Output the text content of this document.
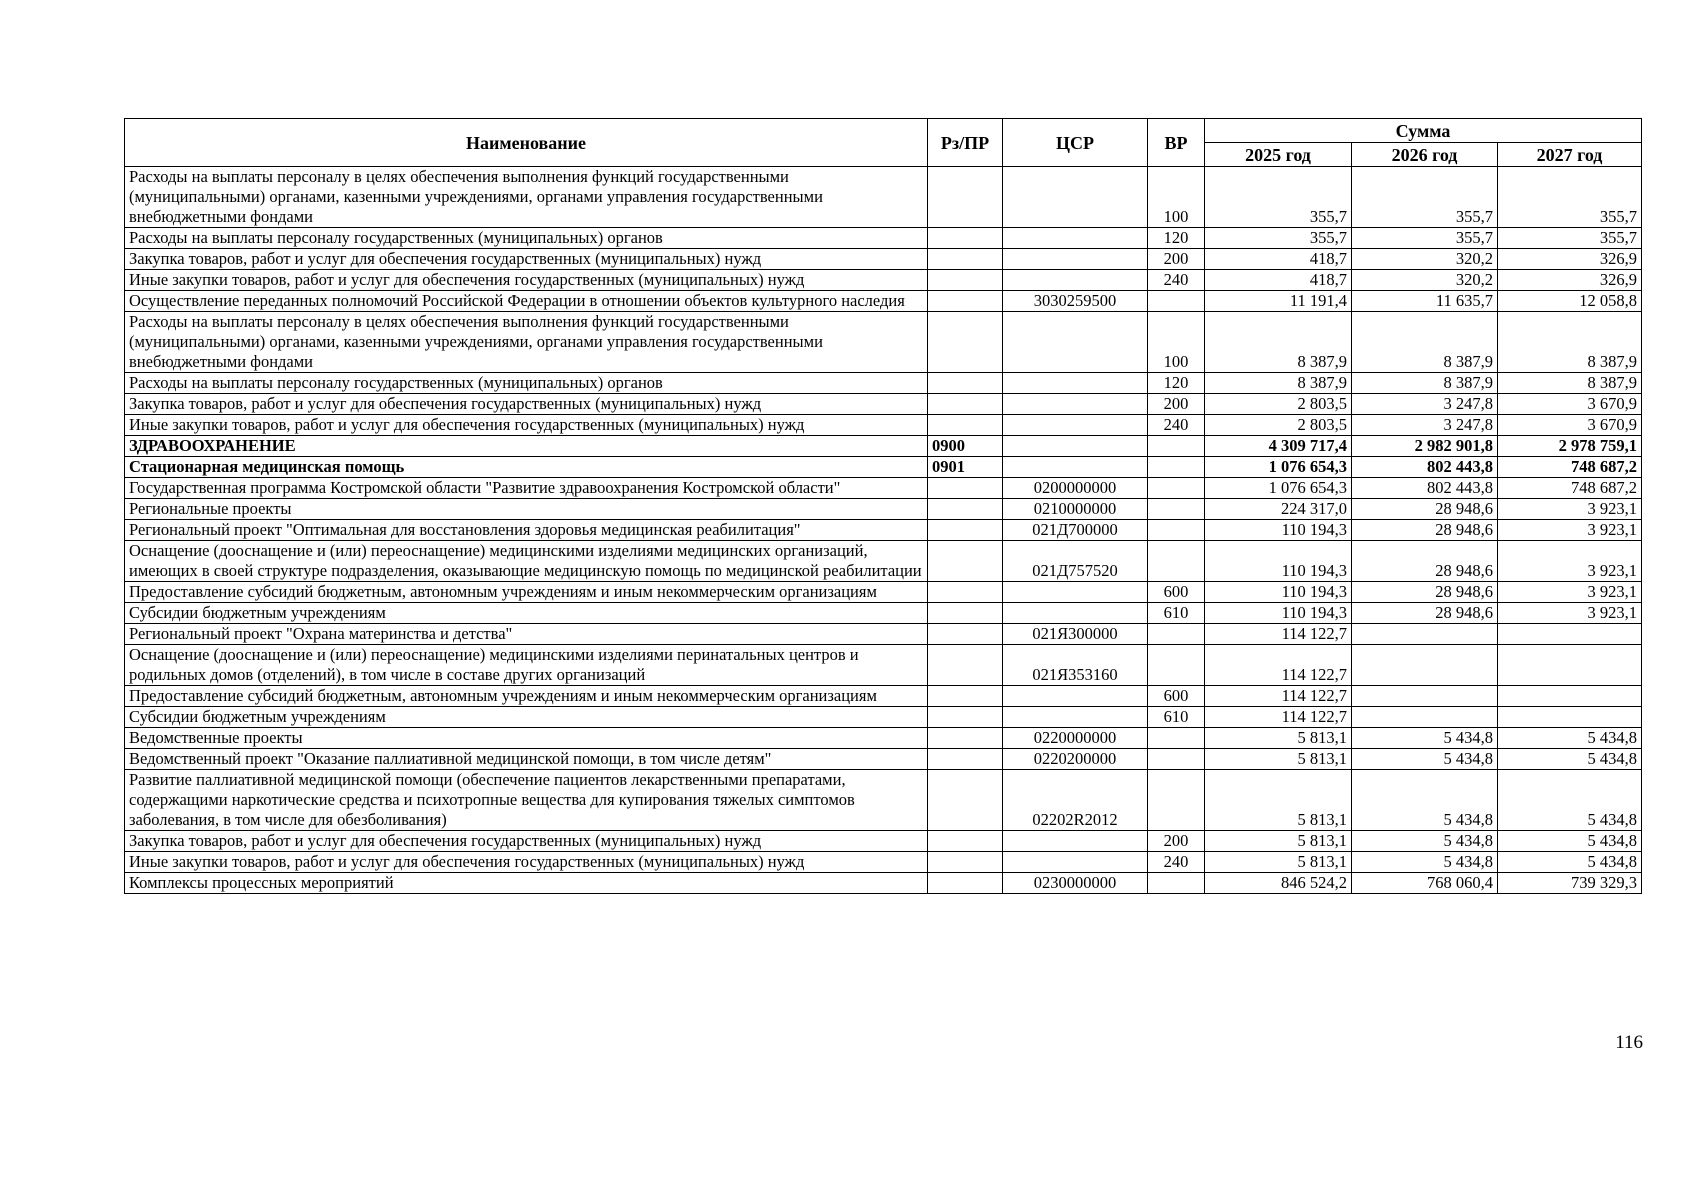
Наименование	Рз/ПР	ЦСР	ВР	Сумма		
				2025 год	2026 год	2027 год
Расходы на выплаты персоналу в целях обеспечения выполнения функций государственными (муниципальными) органами, казенными учреждениями, органами управления государственными внебюджетными фондами			100	355,7	355,7	355,7
Расходы на выплаты персоналу государственных (муниципальных) органов			120	355,7	355,7	355,7
Закупка товаров, работ и услуг для обеспечения государственных (муниципальных) нужд			200	418,7	320,2	326,9
Иные закупки товаров, работ и услуг для обеспечения государственных (муниципальных) нужд			240	418,7	320,2	326,9
Осуществление переданных полномочий Российской Федерации в отношении объектов культурного наследия		3030259500		11 191,4	11 635,7	12 058,8
Расходы на выплаты персоналу в целях обеспечения выполнения функций государственными (муниципальными) органами, казенными учреждениями, органами управления государственными внебюджетными фондами			100	8 387,9	8 387,9	8 387,9
Расходы на выплаты персоналу государственных (муниципальных) органов			120	8 387,9	8 387,9	8 387,9
Закупка товаров, работ и услуг для обеспечения государственных (муниципальных) нужд			200	2 803,5	3 247,8	3 670,9
Иные закупки товаров, работ и услуг для обеспечения государственных (муниципальных) нужд			240	2 803,5	3 247,8	3 670,9
ЗДРАВООХРАНЕНИЕ	0900			4 309 717,4	2 982 901,8	2 978 759,1
Стационарная медицинская помощь	0901			1 076 654,3	802 443,8	748 687,2
Государственная программа Костромской области "Развитие здравоохранения Костромской области"		0200000000		1 076 654,3	802 443,8	748 687,2
Региональные проекты		0210000000		224 317,0	28 948,6	3 923,1
Региональный проект "Оптимальная для восстановления здоровья медицинская реабилитация"		021Д700000		110 194,3	28 948,6	3 923,1
Оснащение (дооснащение и (или) переоснащение) медицинскими изделиями медицинских организаций, имеющих в своей структуре подразделения, оказывающие медицинскую помощь по медицинской реабилитации		021Д757520		110 194,3	28 948,6	3 923,1
Предоставление субсидий бюджетным, автономным учреждениям и иным некоммерческим организациям			600	110 194,3	28 948,6	3 923,1
Субсидии бюджетным учреждениям			610	110 194,3	28 948,6	3 923,1
Региональный проект "Охрана материнства и детства"		021Я300000		114 122,7		
Оснащение (дооснащение и (или) переоснащение) медицинскими изделиями перинатальных центров и родильных домов (отделений), в том числе в составе других организаций		021Я353160		114 122,7		
Предоставление субсидий бюджетным, автономным учреждениям и иным некоммерческим организациям			600	114 122,7		
Субсидии бюджетным учреждениям			610	114 122,7		
Ведомственные проекты		0220000000		5 813,1	5 434,8	5 434,8
Ведомственный проект "Оказание паллиативной медицинской помощи, в том числе детям"		0220200000		5 813,1	5 434,8	5 434,8
Развитие паллиативной медицинской помощи (обеспечение пациентов лекарственными препаратами, содержащими наркотические средства и психотропные вещества для купирования тяжелых симптомов заболевания, в том числе для обезболивания)		02202R2012		5 813,1	5 434,8	5 434,8
Закупка товаров, работ и услуг для обеспечения государственных (муниципальных) нужд			200	5 813,1	5 434,8	5 434,8
Иные закупки товаров, работ и услуг для обеспечения государственных (муниципальных) нужд			240	5 813,1	5 434,8	5 434,8
Комплексы процессных мероприятий		0230000000		846 524,2	768 060,4	739 329,3
116
